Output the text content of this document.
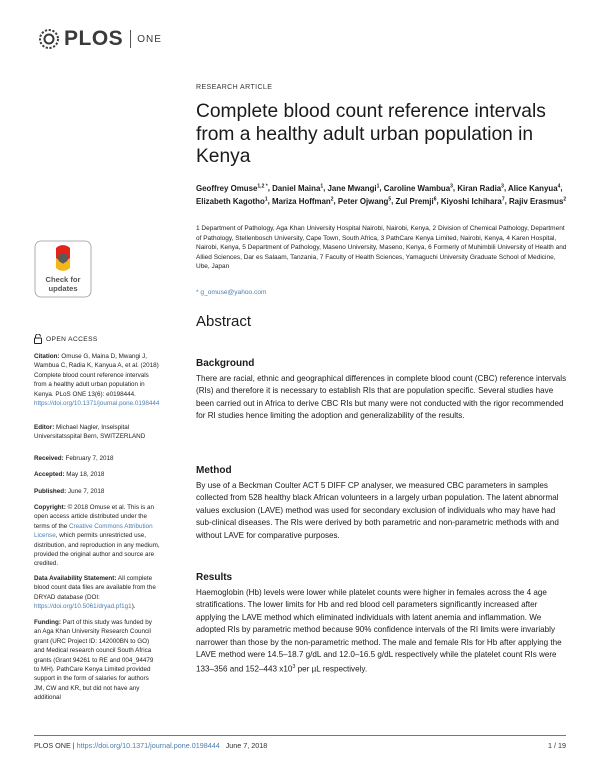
PLOS ONE
Check for
updates
OPEN ACCESS
Citation: Omuse G, Maina D, Mwangi J, Wambua C, Radia K, Kanyua A, et al. (2018) Complete blood count reference intervals from a healthy adult urban population in Kenya. PLoS ONE 13(6): e0198444. https://doi.org/10.1371/journal.pone.0198444
Editor: Michael Nagler, Inselspital Universitatsspital Bern, SWITZERLAND
Received: February 7, 2018
Accepted: May 18, 2018
Published: June 7, 2018
Copyright: © 2018 Omuse et al. This is an open access article distributed under the terms of the Creative Commons Attribution License, which permits unrestricted use, distribution, and reproduction in any medium, provided the original author and source are credited.
Data Availability Statement: All complete blood count data files are available from the DRYAD database (DOI: https://doi.org/10.5061/dryad.pf1g1).
Funding: Part of this study was funded by an Aga Khan University Research Council grant (URC Project ID: 142000BN to GO) and Medical research council South Africa grants (Grant 94261 to RE and 004_94479 to MH). PathCare Kenya Limited provided support in the form of salaries for authors JM, CW and KR, but did not have any additional
RESEARCH ARTICLE
Complete blood count reference intervals from a healthy adult urban population in Kenya
Geoffrey Omuse$^{1,2 *}$, Daniel Maina$^1$, Jane Mwangi$^1$, Caroline Wambua$^3$, Kiran Radia$^3$, Alice Kanyua$^4$, Elizabeth Kagotho$^1$, Mariza Hoffman$^2$, Peter Ojwang$^5$, Zul Premji$^6$, Kiyoshi Ichihara$^7$, Rajiv Erasmus$^2$
1 Department of Pathology, Aga Khan University Hospital Nairobi, Nairobi, Kenya, 2 Division of Chemical Pathology, Department of Pathology, Stellenbosch University, Cape Town, South Africa, 3 PathCare Kenya Limited, Nairobi, Kenya, 4 Karen Hospital, Nairobi, Kenya, 5 Department of Pathology, Maseno University, Maseno, Kenya, 6 Formerly of Muhimbili University of Health and Allied Sciences, Dar es Salaam, Tanzania, 7 Faculty of Health Sciences, Yamaguchi University Graduate School of Medicine, Ube, Japan
* g_omuse@yahoo.com
Abstract
Background
There are racial, ethnic and geographical differences in complete blood count (CBC) reference intervals (RIs) and therefore it is necessary to establish RIs that are population specific. Several studies have been carried out in Africa to derive CBC RIs but many were not conducted with the rigor recommended for RI studies hence limiting the adoption and generalizability of the results.
Method
By use of a Beckman Coulter ACT 5 DIFF CP analyser, we measured CBC parameters in samples collected from 528 healthy black African volunteers in a largely urban population. The latent abnormal values exclusion (LAVE) method was used for secondary exclusion of individuals who may have had sub-clinical diseases. The RIs were derived by both parametric and non-parametric methods with and without LAVE for comparative purposes.
Results
Haemoglobin (Hb) levels were lower while platelet counts were higher in females across the 4 age stratifications. The lower limits for Hb and red blood cell parameters significantly increased after applying the LAVE method which eliminated individuals with latent anemia and inflammation. We adopted RIs by parametric method because 90% confidence intervals of the RI limits were invariably narrower than those by the non-parametric method. The male and female RIs for Hb after applying the LAVE method were 14.5–18.7 g/dL and 12.0–16.5 g/dL respectively while the platelet count RIs were 133–356 and 152–443 $x10^3$ per µL respectively.
PLOS ONE | https://doi.org/10.1371/journal.pone.0198444 June 7, 2018	1 / 19
